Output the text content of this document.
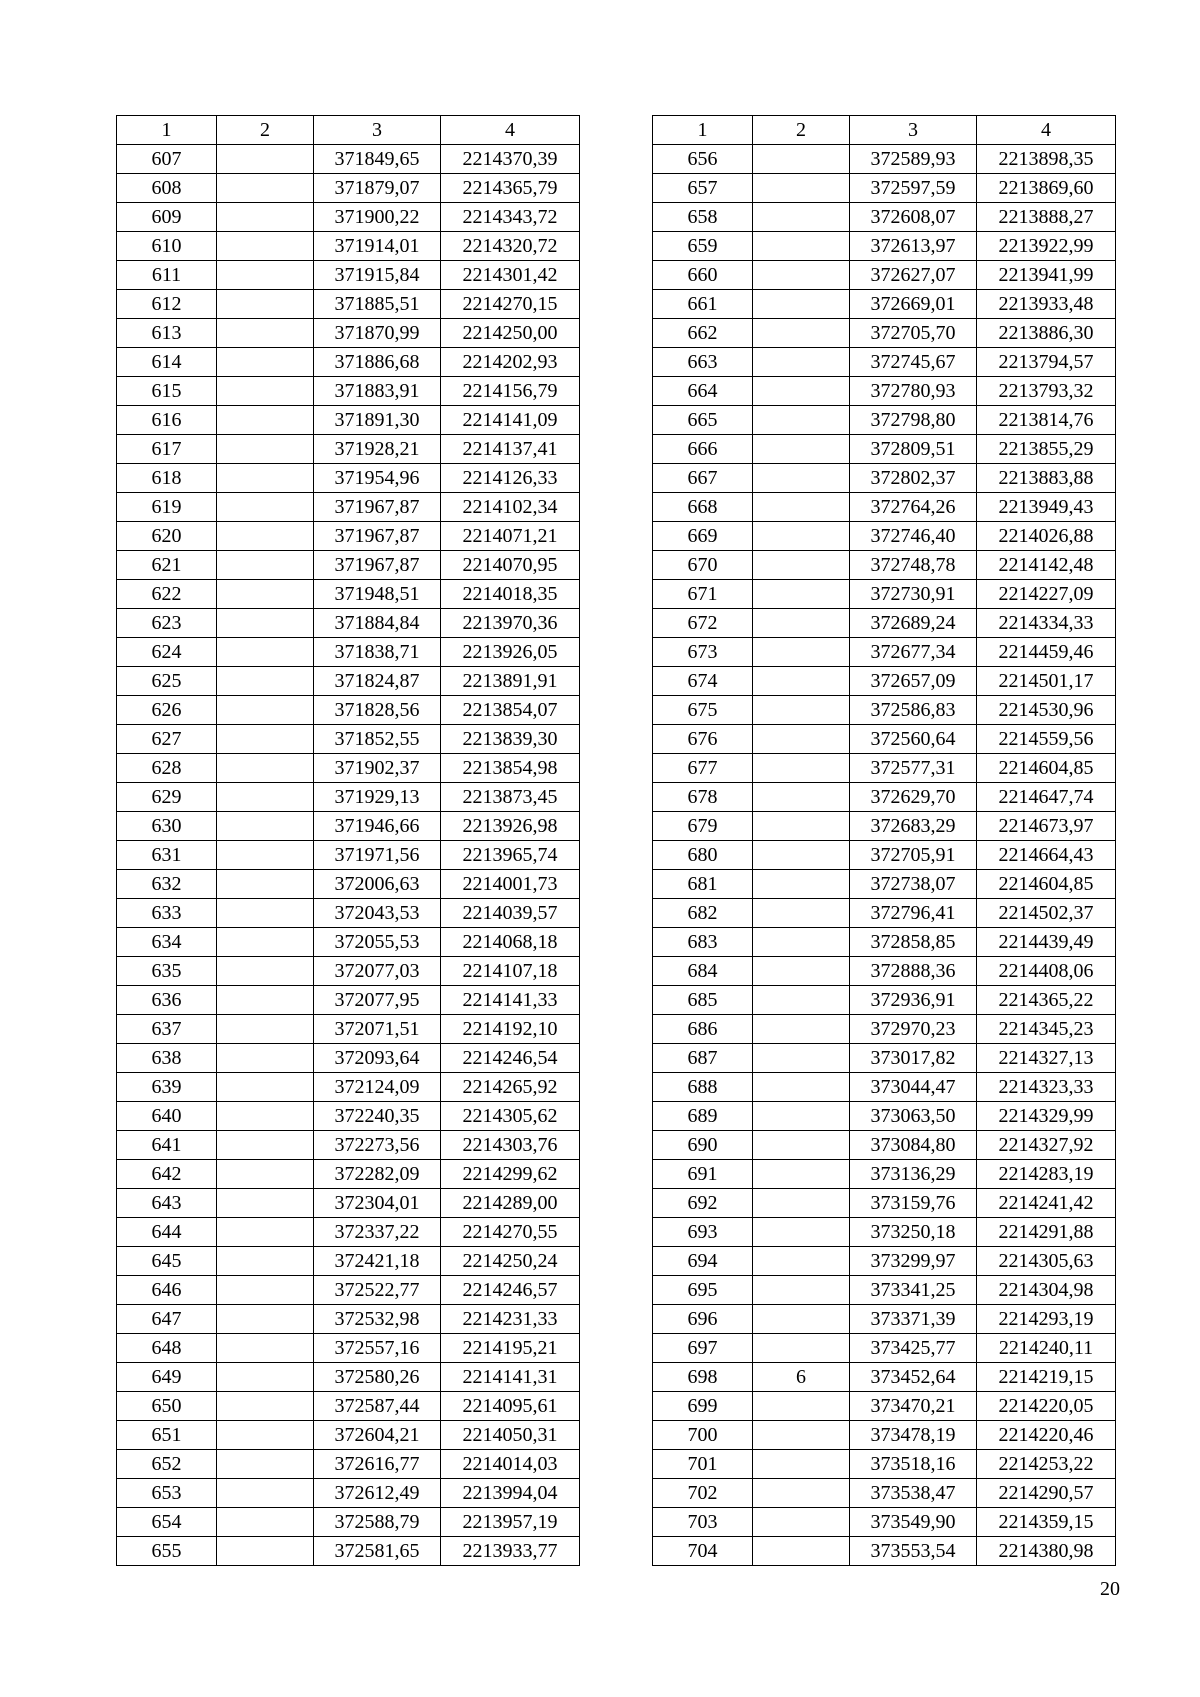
1	2	3	4
607		371849,65	2214370,39
608		371879,07	2214365,79
609		371900,22	2214343,72
610		371914,01	2214320,72
611		371915,84	2214301,42
612		371885,51	2214270,15
613		371870,99	2214250,00
614		371886,68	2214202,93
615		371883,91	2214156,79
616		371891,30	2214141,09
617		371928,21	2214137,41
618		371954,96	2214126,33
619		371967,87	2214102,34
620		371967,87	2214071,21
621		371967,87	2214070,95
622		371948,51	2214018,35
623		371884,84	2213970,36
624		371838,71	2213926,05
625		371824,87	2213891,91
626		371828,56	2213854,07
627		371852,55	2213839,30
628		371902,37	2213854,98
629		371929,13	2213873,45
630		371946,66	2213926,98
631		371971,56	2213965,74
632		372006,63	2214001,73
633		372043,53	2214039,57
634		372055,53	2214068,18
635		372077,03	2214107,18
636		372077,95	2214141,33
637		372071,51	2214192,10
638		372093,64	2214246,54
639		372124,09	2214265,92
640		372240,35	2214305,62
641		372273,56	2214303,76
642		372282,09	2214299,62
643		372304,01	2214289,00
644		372337,22	2214270,55
645		372421,18	2214250,24
646		372522,77	2214246,57
647		372532,98	2214231,33
648		372557,16	2214195,21
649		372580,26	2214141,31
650		372587,44	2214095,61
651		372604,21	2214050,31
652		372616,77	2214014,03
653		372612,49	2213994,04
654		372588,79	2213957,19
655		372581,65	2213933,77
1	2	3	4
656		372589,93	2213898,35
657		372597,59	2213869,60
658		372608,07	2213888,27
659		372613,97	2213922,99
660		372627,07	2213941,99
661		372669,01	2213933,48
662		372705,70	2213886,30
663		372745,67	2213794,57
664		372780,93	2213793,32
665		372798,80	2213814,76
666		372809,51	2213855,29
667		372802,37	2213883,88
668		372764,26	2213949,43
669		372746,40	2214026,88
670		372748,78	2214142,48
671		372730,91	2214227,09
672		372689,24	2214334,33
673		372677,34	2214459,46
674		372657,09	2214501,17
675		372586,83	2214530,96
676		372560,64	2214559,56
677		372577,31	2214604,85
678		372629,70	2214647,74
679		372683,29	2214673,97
680		372705,91	2214664,43
681		372738,07	2214604,85
682		372796,41	2214502,37
683		372858,85	2214439,49
684		372888,36	2214408,06
685		372936,91	2214365,22
686		372970,23	2214345,23
687		373017,82	2214327,13
688		373044,47	2214323,33
689		373063,50	2214329,99
690		373084,80	2214327,92
691		373136,29	2214283,19
692		373159,76	2214241,42
693		373250,18	2214291,88
694		373299,97	2214305,63
695		373341,25	2214304,98
696		373371,39	2214293,19
697		373425,77	2214240,11
698	6	373452,64	2214219,15
699		373470,21	2214220,05
700		373478,19	2214220,46
701		373518,16	2214253,22
702		373538,47	2214290,57
703		373549,90	2214359,15
704		373553,54	2214380,98
20
